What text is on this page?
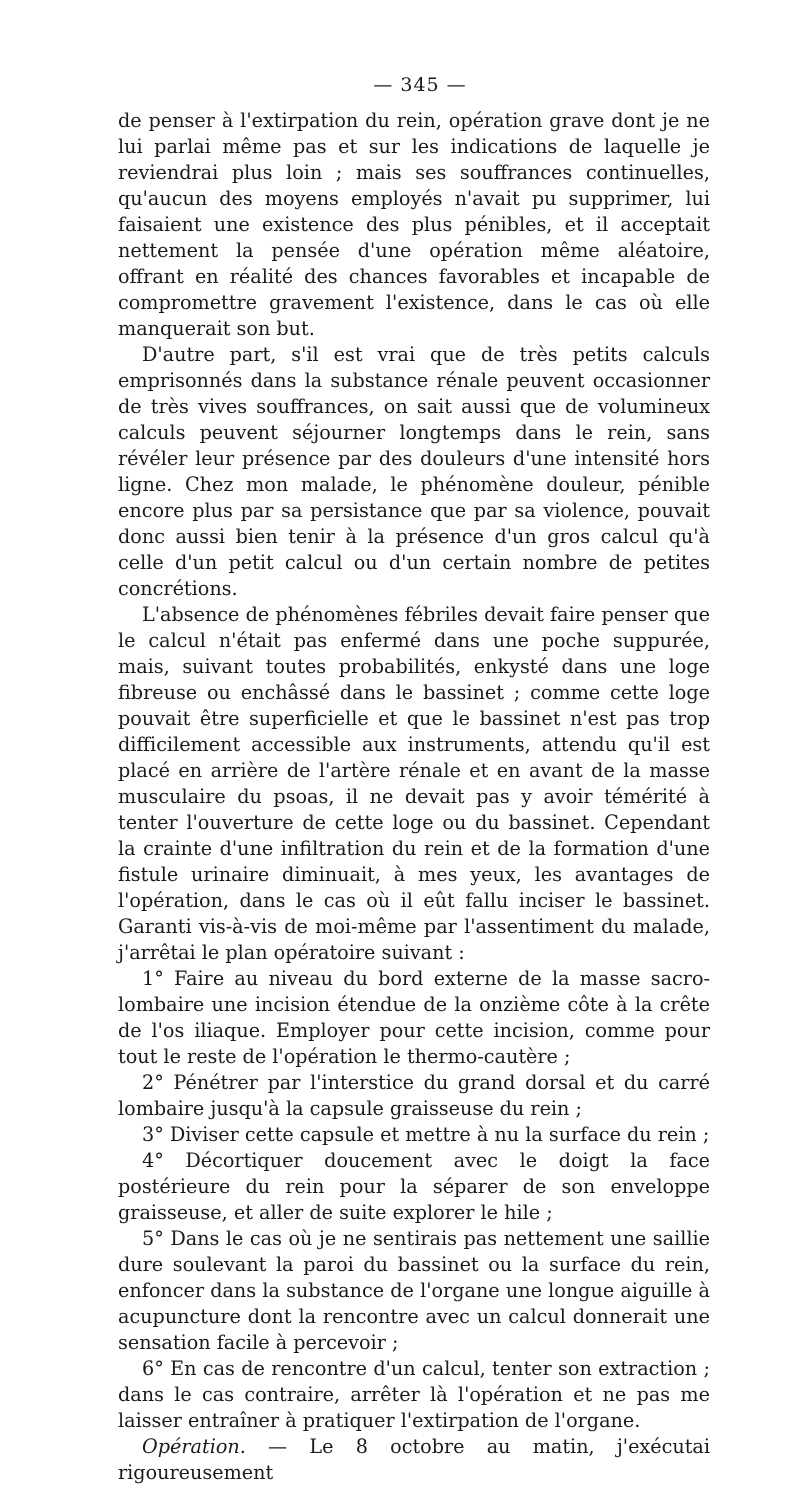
— 345 —

de penser à l'extirpation du rein, opération grave dont je ne lui parlai même pas et sur les indications de laquelle je reviendrai plus loin ; mais ses souffrances continuelles, qu'aucun des moyens employés n'avait pu supprimer, lui faisaient une existence des plus pénibles, et il acceptait nettement la pensée d'une opération même aléatoire, offrant en réalité des chances favorables et incapable de compromettre gravement l'existence, dans le cas où elle manquerait son but.

D'autre part, s'il est vrai que de très petits calculs emprisonnés dans la substance rénale peuvent occasionner de très vives souffrances, on sait aussi que de volumineux calculs peuvent séjourner longtemps dans le rein, sans révéler leur présence par des douleurs d'une intensité hors ligne. Chez mon malade, le phénomène douleur, pénible encore plus par sa persistance que par sa violence, pouvait donc aussi bien tenir à la présence d'un gros calcul qu'à celle d'un petit calcul ou d'un certain nombre de petites concrétions.

L'absence de phénomènes fébriles devait faire penser que le calcul n'était pas enfermé dans une poche suppurée, mais, suivant toutes probabilités, enkysté dans une loge fibreuse ou enchâssé dans le bassinet ; comme cette loge pouvait être superficielle et que le bassinet n'est pas trop difficilement accessible aux instruments, attendu qu'il est placé en arrière de l'artère rénale et en avant de la masse musculaire du psoas, il ne devait pas y avoir témérité à tenter l'ouverture de cette loge ou du bassinet. Cependant la crainte d'une infiltration du rein et de la formation d'une fistule urinaire diminuait, à mes yeux, les avantages de l'opération, dans le cas où il eût fallu inciser le bassinet. Garanti vis-à-vis de moi-même par l'assentiment du malade, j'arrêtai le plan opératoire suivant :

1° Faire au niveau du bord externe de la masse sacro-lombaire une incision étendue de la onzième côte à la crête de l'os iliaque. Employer pour cette incision, comme pour tout le reste de l'opération le thermo-cautère ;

2° Pénétrer par l'interstice du grand dorsal et du carré lombaire jusqu'à la capsule graisseuse du rein ;

3° Diviser cette capsule et mettre à nu la surface du rein ;

4° Décortiquer doucement avec le doigt la face postérieure du rein pour la séparer de son enveloppe graisseuse, et aller de suite explorer le hile ;

5° Dans le cas où je ne sentirais pas nettement une saillie dure soulevant la paroi du bassinet ou la surface du rein, enfoncer dans la substance de l'organe une longue aiguille à acupuncture dont la rencontre avec un calcul donnerait une sensation facile à percevoir ;

6° En cas de rencontre d'un calcul, tenter son extraction ; dans le cas contraire, arrêter là l'opération et ne pas me laisser entraîner à pratiquer l'extirpation de l'organe.

Opération. — Le 8 octobre au matin, j'exécutai rigoureusement
